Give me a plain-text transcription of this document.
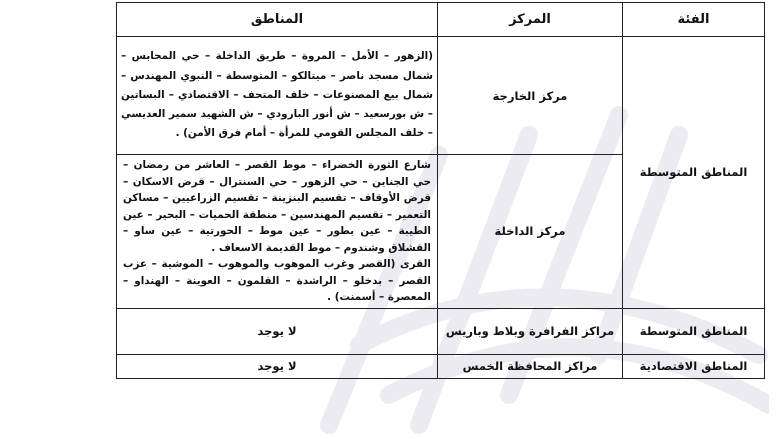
الفئة	المركز	المناطق
المناطق المتوسطة	مركز الخارجة	(الزهور – الأمل – المروة – طريق الداخلة – حي المحابس – شمال مسجد ناصر – ميتالكو – المتوسطة – النبوي المهندس – شمال بيع المصنوعات – خلف المتحف – الاقتصادي – البساتين – ش بورسعيد – ش أنور البارودي – ش الشهيد سمير العديسي – خلف المجلس القومي للمرأة – أمام فرق الأمن) .
	مركز الداخلة	شارع الثورة الخضراء – موط القصر – العاشر من رمضان – حي الجناين – حي الزهور – حي السنترال – قرض الاسكان – قرض الأوقاف – تقسيم البنزينة – تقسيم الزراعيين – مساكن التعمير – تقسيم المهندسين – منطقة الحميات – البحير – عين الطيبة – عين بطور – عين موط – الحورتية – عين ساو – القشلاق وشندوم – موط القديمة الاسعاف .
القرى (القصر وغرب الموهوب والموهوب – الموشية – عزب القصر – بدخلو – الراشدة – القلمون – العوينة – الهنداو – المعصرة – أسمنت) .

المناطق المتوسطة	مراكز الفرافرة وبلاط وباريس	لا يوجد
المناطق الاقتصادية	مراكز المحافظة الخمس	لا يوجد
